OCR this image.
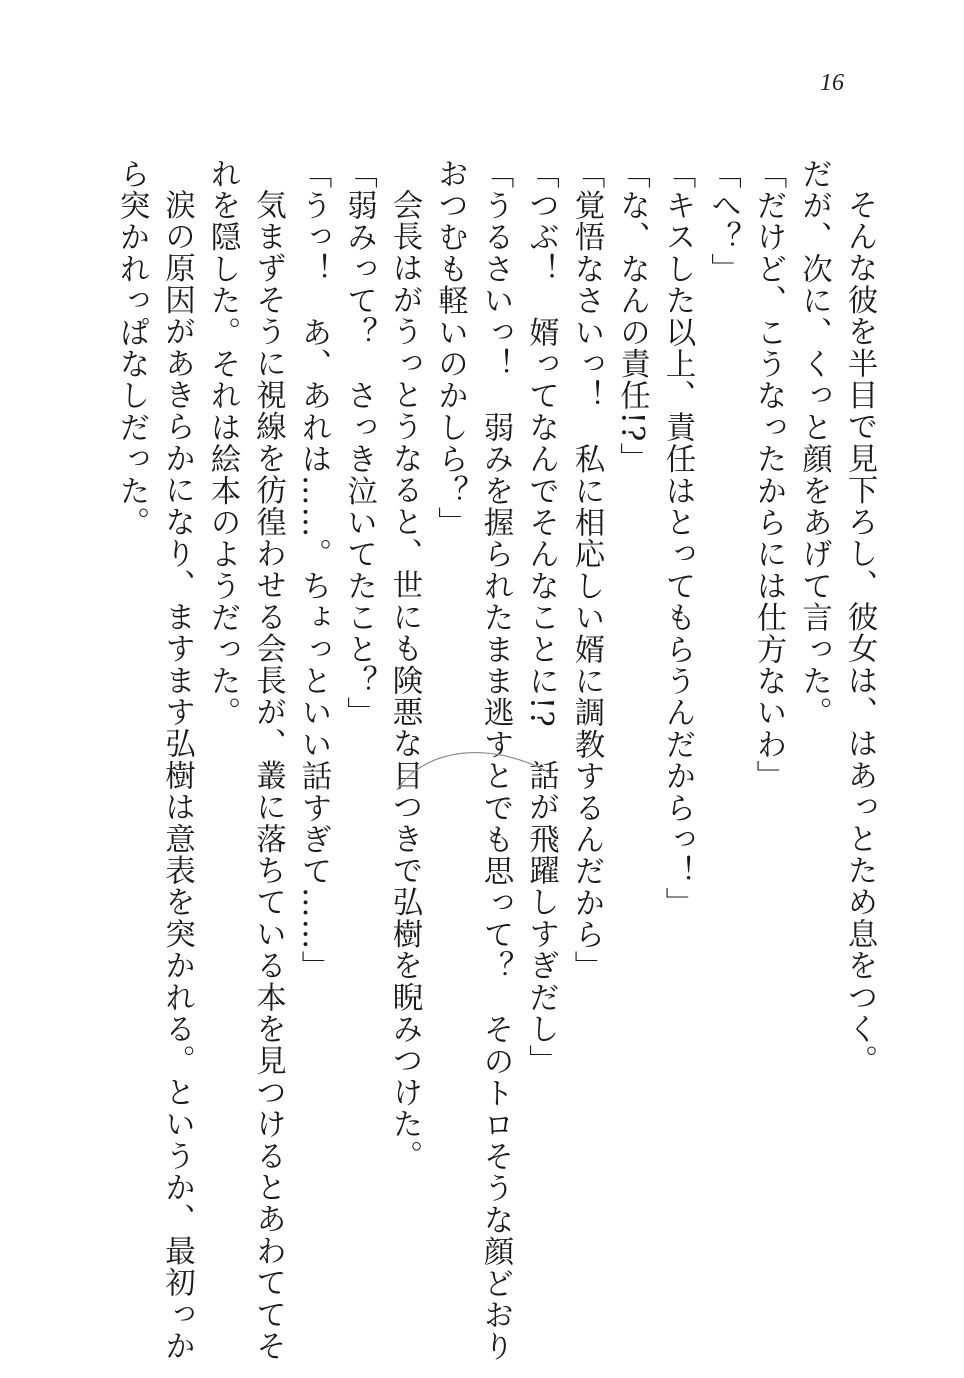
16
そんな彼を半目で見下ろし、彼女は、はあっとため息をつく。
だが、次に、くっと顔をあげて言った。
「だけど、こうなったからには仕方ないわ」
「へ？」
「キスした以上、責任はとってもらうんだからっ！」
「な、なんの責任!?」
「覚悟なさいっ！　私に相応しい婿に調教するんだから」
「つぶ！　婿ってなんでそんなことに!?　話が飛躍しすぎだし」
「うるさいっ！　弱みを握られたまま逃すとでも思って？　そのトロそうな顔どおり
おつむも軽いのかしら？」
会長はがうっとうなると、世にも険悪な目つきで弘樹を睨みつけた。
「弱みって？　さっき泣いてたこと？」
「うっ！　あ、あれは……。ちょっといい話すぎて……」
気まずそうに視線を彷徨わせる会長が、叢に落ちている本を見つけるとあわててそ
れを隠した。それは絵本のようだった。
涙の原因があきらかになり、ますます弘樹は意表を突かれる。というか、最初っか
ら突かれっぱなしだった。
